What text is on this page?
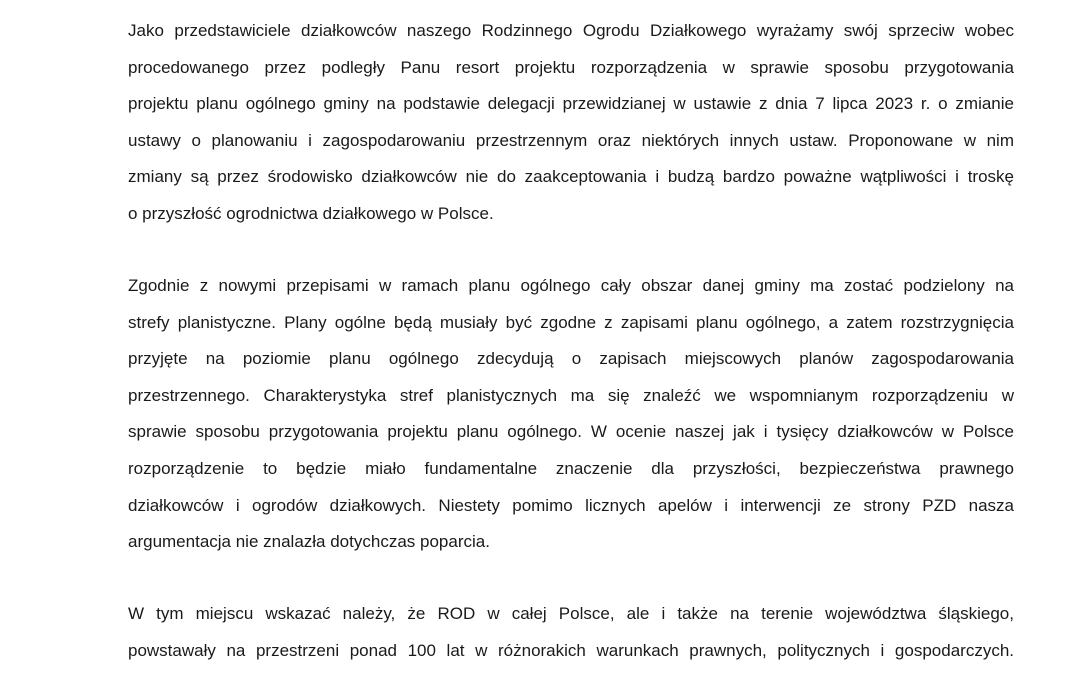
Jako przedstawiciele działkowców naszego Rodzinnego Ogrodu Działkowego wyrażamy swój sprzeciw wobec
procedowanego przez podległy Panu resort projektu rozporządzenia w sprawie sposobu przygotowania
projektu planu ogólnego gminy na podstawie delegacji przewidzianej w ustawie z dnia 7 lipca 2023 r. o zmianie
ustawy o planowaniu i zagospodarowaniu przestrzennym oraz niektórych innych ustaw. Proponowane w nim
zmiany są przez środowisko działkowców nie do zaakceptowania i budzą bardzo poważne wątpliwości i troskę
o przyszłość ogrodnictwa działkowego w Polsce.
Zgodnie z nowymi przepisami w ramach planu ogólnego cały obszar danej gminy ma zostać podzielony na
strefy planistyczne. Plany ogólne będą musiały być zgodne z zapisami planu ogólnego, a zatem rozstrzygnięcia
przyjęte na poziomie planu ogólnego zdecydują o zapisach miejscowych planów zagospodarowania
przestrzennego. Charakterystyka stref planistycznych ma się znaleźć we wspomnianym rozporządzeniu w
sprawie sposobu przygotowania projektu planu ogólnego. W ocenie naszej jak i tysięcy działkowców w Polsce
rozporządzenie to będzie miało fundamentalne znaczenie dla przyszłości, bezpieczeństwa prawnego
działkowców i ogrodów działkowych. Niestety pomimo licznych apelów i interwencji ze strony PZD nasza
argumentacja nie znalazła dotychczas poparcia.
W tym miejscu wskazać należy, że ROD w całej Polsce, ale i także na terenie województwa śląskiego,
powstawały na przestrzeni ponad 100 lat w różnorakich warunkach prawnych, politycznych i gospodarczych.
